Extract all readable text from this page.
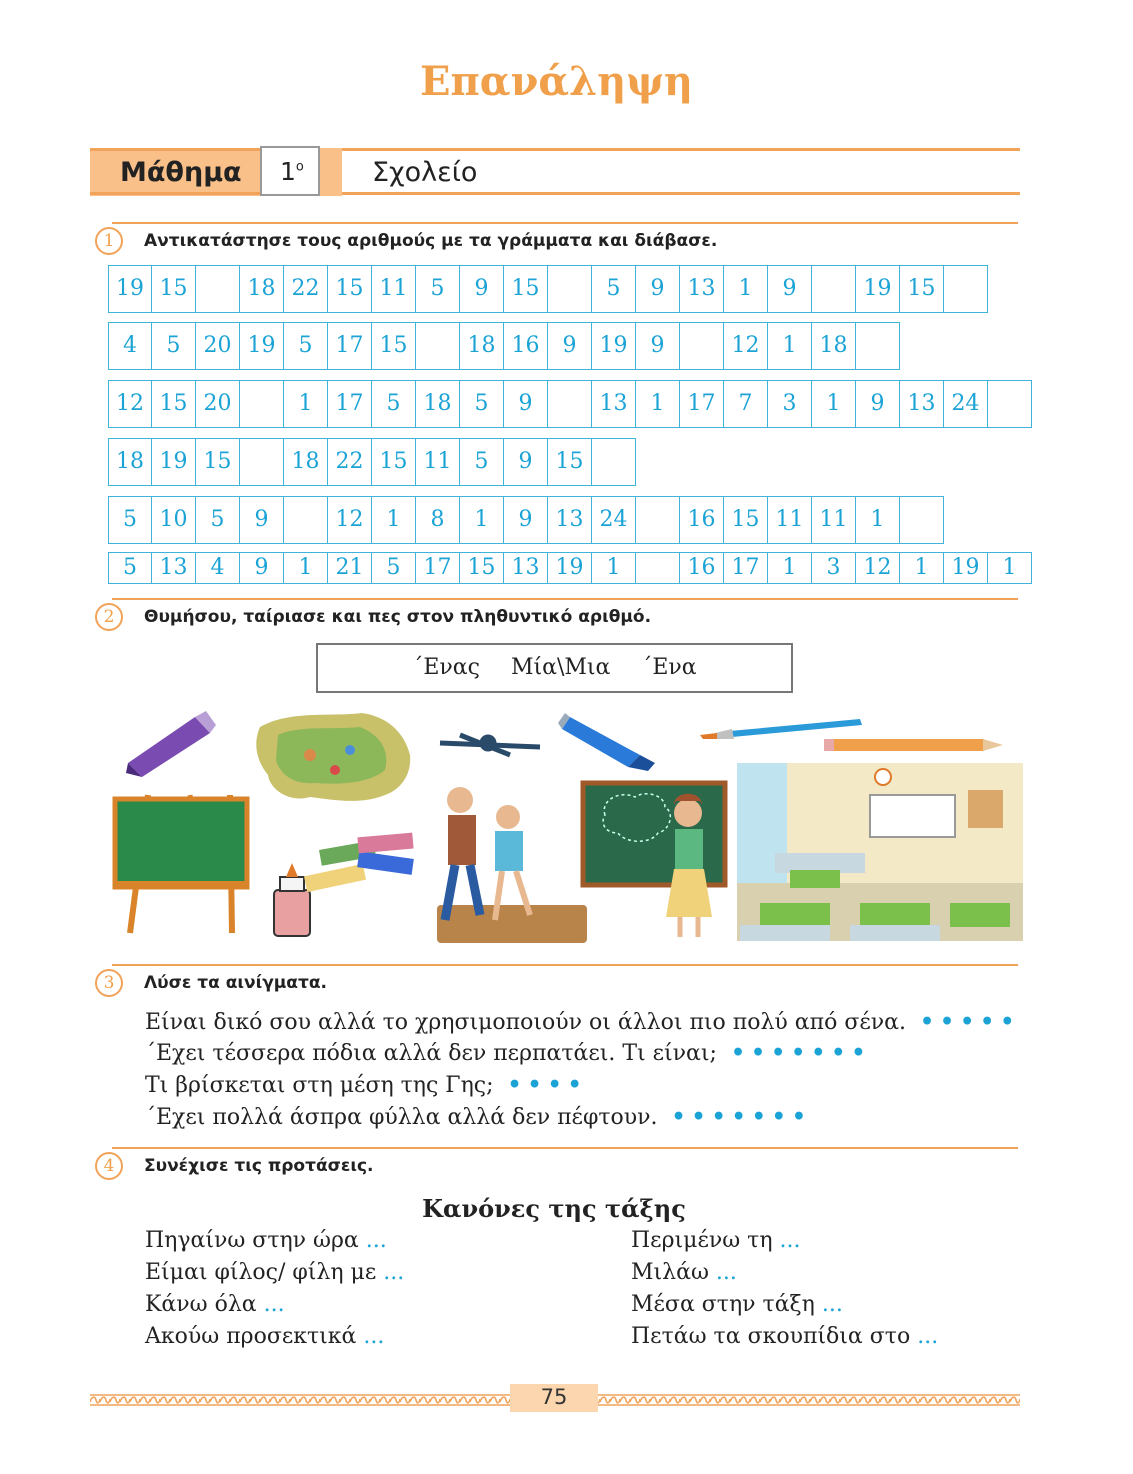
Επανάληψη
Μάθημα $1^o$	Σχολείο
1	Αντικατάστησε τους αριθμούς με τα γράμματα και διάβασε.
19 15	18 22 15 11	5	9	15	5	9	13	1	9	19 15
4	5	20 19	5	17 15	18 16	9	19	9	12	1	18
12 15 20	1	17	5	18	5	9	13	1	17	7	3	1	9	13 24
18 19 15	18 22 15 11	5	9	15
5	10	5	9	12	1	8	1	9	13 24	16 15 11 11	1
5	13	4	9	1	21	5	17 15 13 19	1	16 17	1	3	12	1	19	1
2	Θυμήσου, ταίριασε και πες στον πληθυντικό αριθμό.
΄Ενας Μία\Μια ΄Ενα
3	Λύσε τα αινίγματα.
Είναι δικό σου αλλά το χρησιμοποιούν οι άλλοι πιο πολύ από σένα. •••••
΄Εχει τέσσερα πόδια αλλά δεν περπατάει. Τι είναι; •••••••
Τι βρίσκεται στη μέση της Γης; ••••
΄Εχει πολλά άσπρα φύλλα αλλά δεν πέφτουν. •••••••
4	Συνέχισε τις προτάσεις.
Κανόνες της τάξης
Πηγαίνω στην ώρα ...
Είμαι φίλος/ φίλη με ...
Κάνω όλα ...
Ακούω προσεκτικά ...
Περιμένω τη ...
Μιλάω ...
Μέσα στην τάξη ...
Πετάω τα σκουπίδια στο ...
75
